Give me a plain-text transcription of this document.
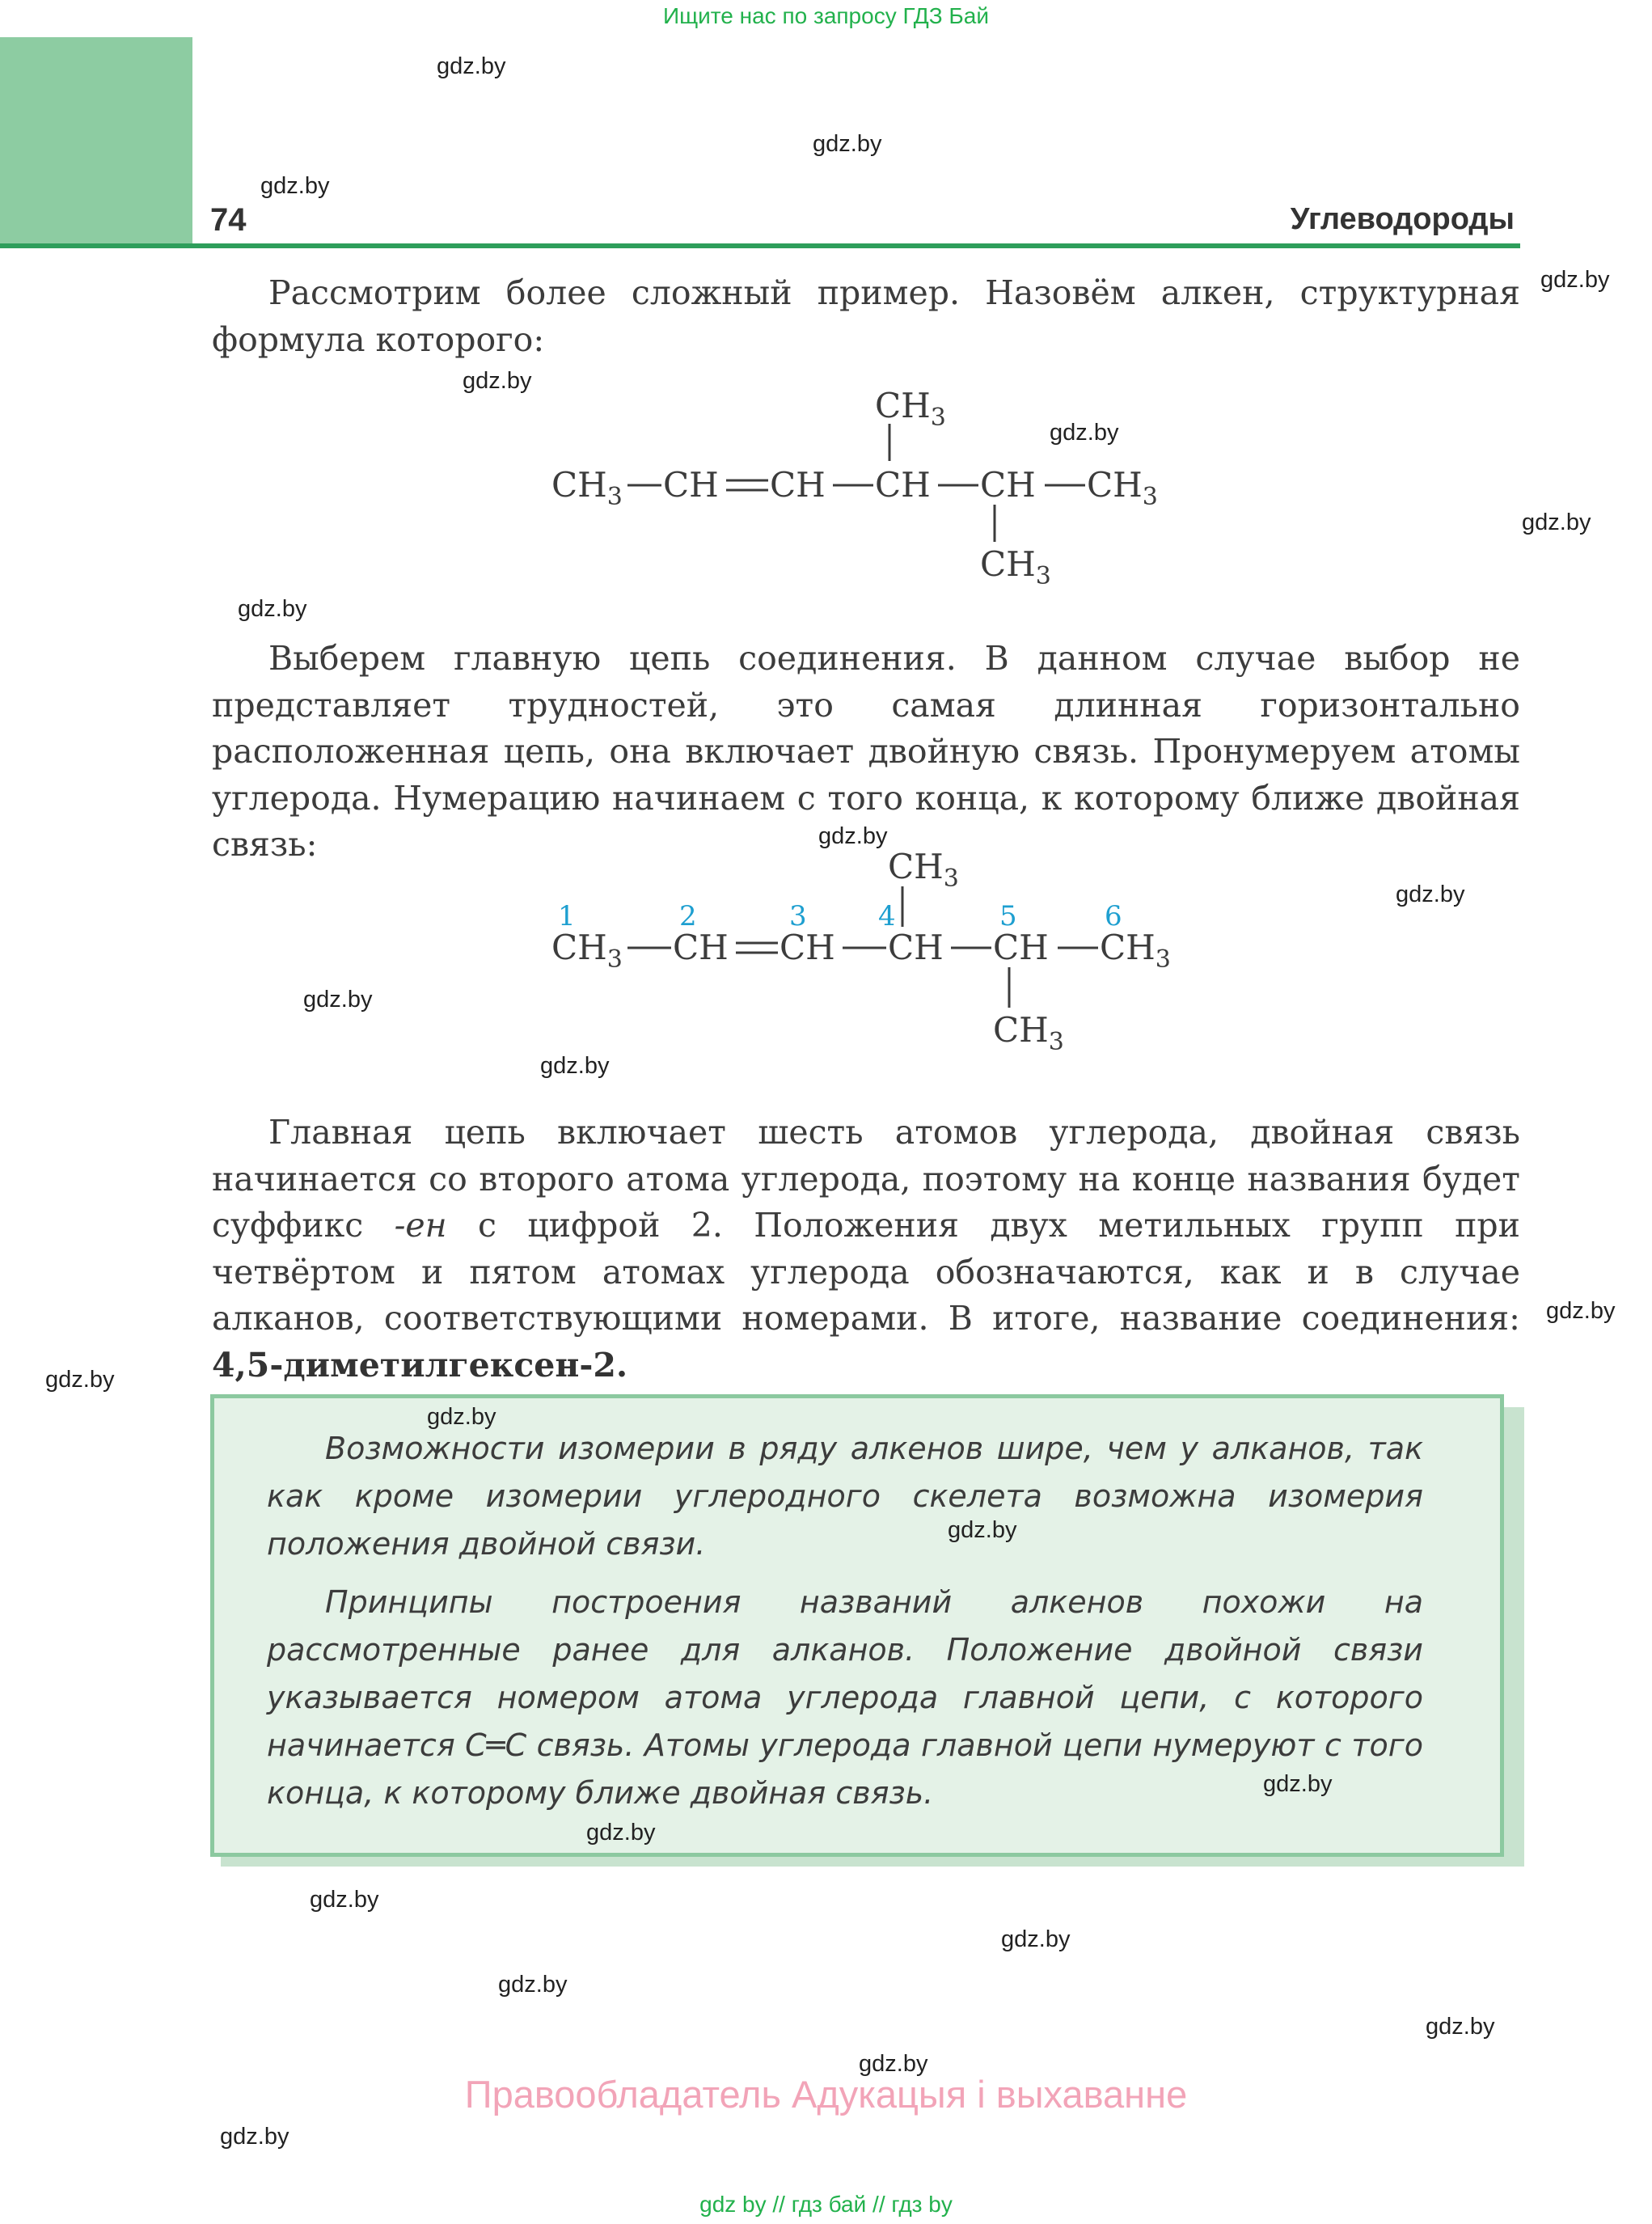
Ищите нас по запросу ГДЗ Бай
74	Углеводороды
gdz.by
gdz.by
gdz.by
gdz.by
gdz.by
gdz.by
gdz.by
gdz.by
gdz.by
gdz.by
gdz.by
gdz.by
gdz.by
gdz.by

Рассмотрим более сложный пример. Назовём алкен, структурная формула которого:

$CH_3$
$CH_3$ CH CH CH CH $CH_3$
$CH_3$

Выберем главную цепь соединения. В данном случае выбор не представляет трудностей, это самая длинная горизонтально расположенная цепь, она включает двойную связь. Пронумеруем атомы углерода. Нумерацию начинаем с того конца, к которому ближе двойная связь:

$CH_3$
1	2	3	4	5	6
$CH_3$ CH CH CH CH $CH_3$
$CH_3$

Главная цепь включает шесть атомов углерода, двойная связь начинается со второго атома углерода, поэтому на конце названия будет суффикс -ен с цифрой 2. Положения двух метильных групп при четвёртом и пятом атомах углерода обозначаются, как и в случае алканов, соответствующими номерами. В итоге, название соединения: 4,5-диметилгексен-2.

Возможности изомерии в ряду алкенов шире, чем у алканов, так как кроме изомерии углеродного скелета возможна изомерия положения двойной связи.

Принципы построения названий алкенов похожи на рассмотренные ранее для алканов. Положение двойной связи указывается номером атома углерода главной цепи, с которого начинается C═C связь. Атомы углерода главной цепи нумеруют с того конца, к которому ближе двойная связь.

gdz.by
gdz.by
gdz.by
gdz.by
gdz.by
gdz.by
gdz.by
gdz.by
gdz.by
gdz.by
Правообладатель Адукацыя і выхаванне
gdz by // гдз бай // гдз by
